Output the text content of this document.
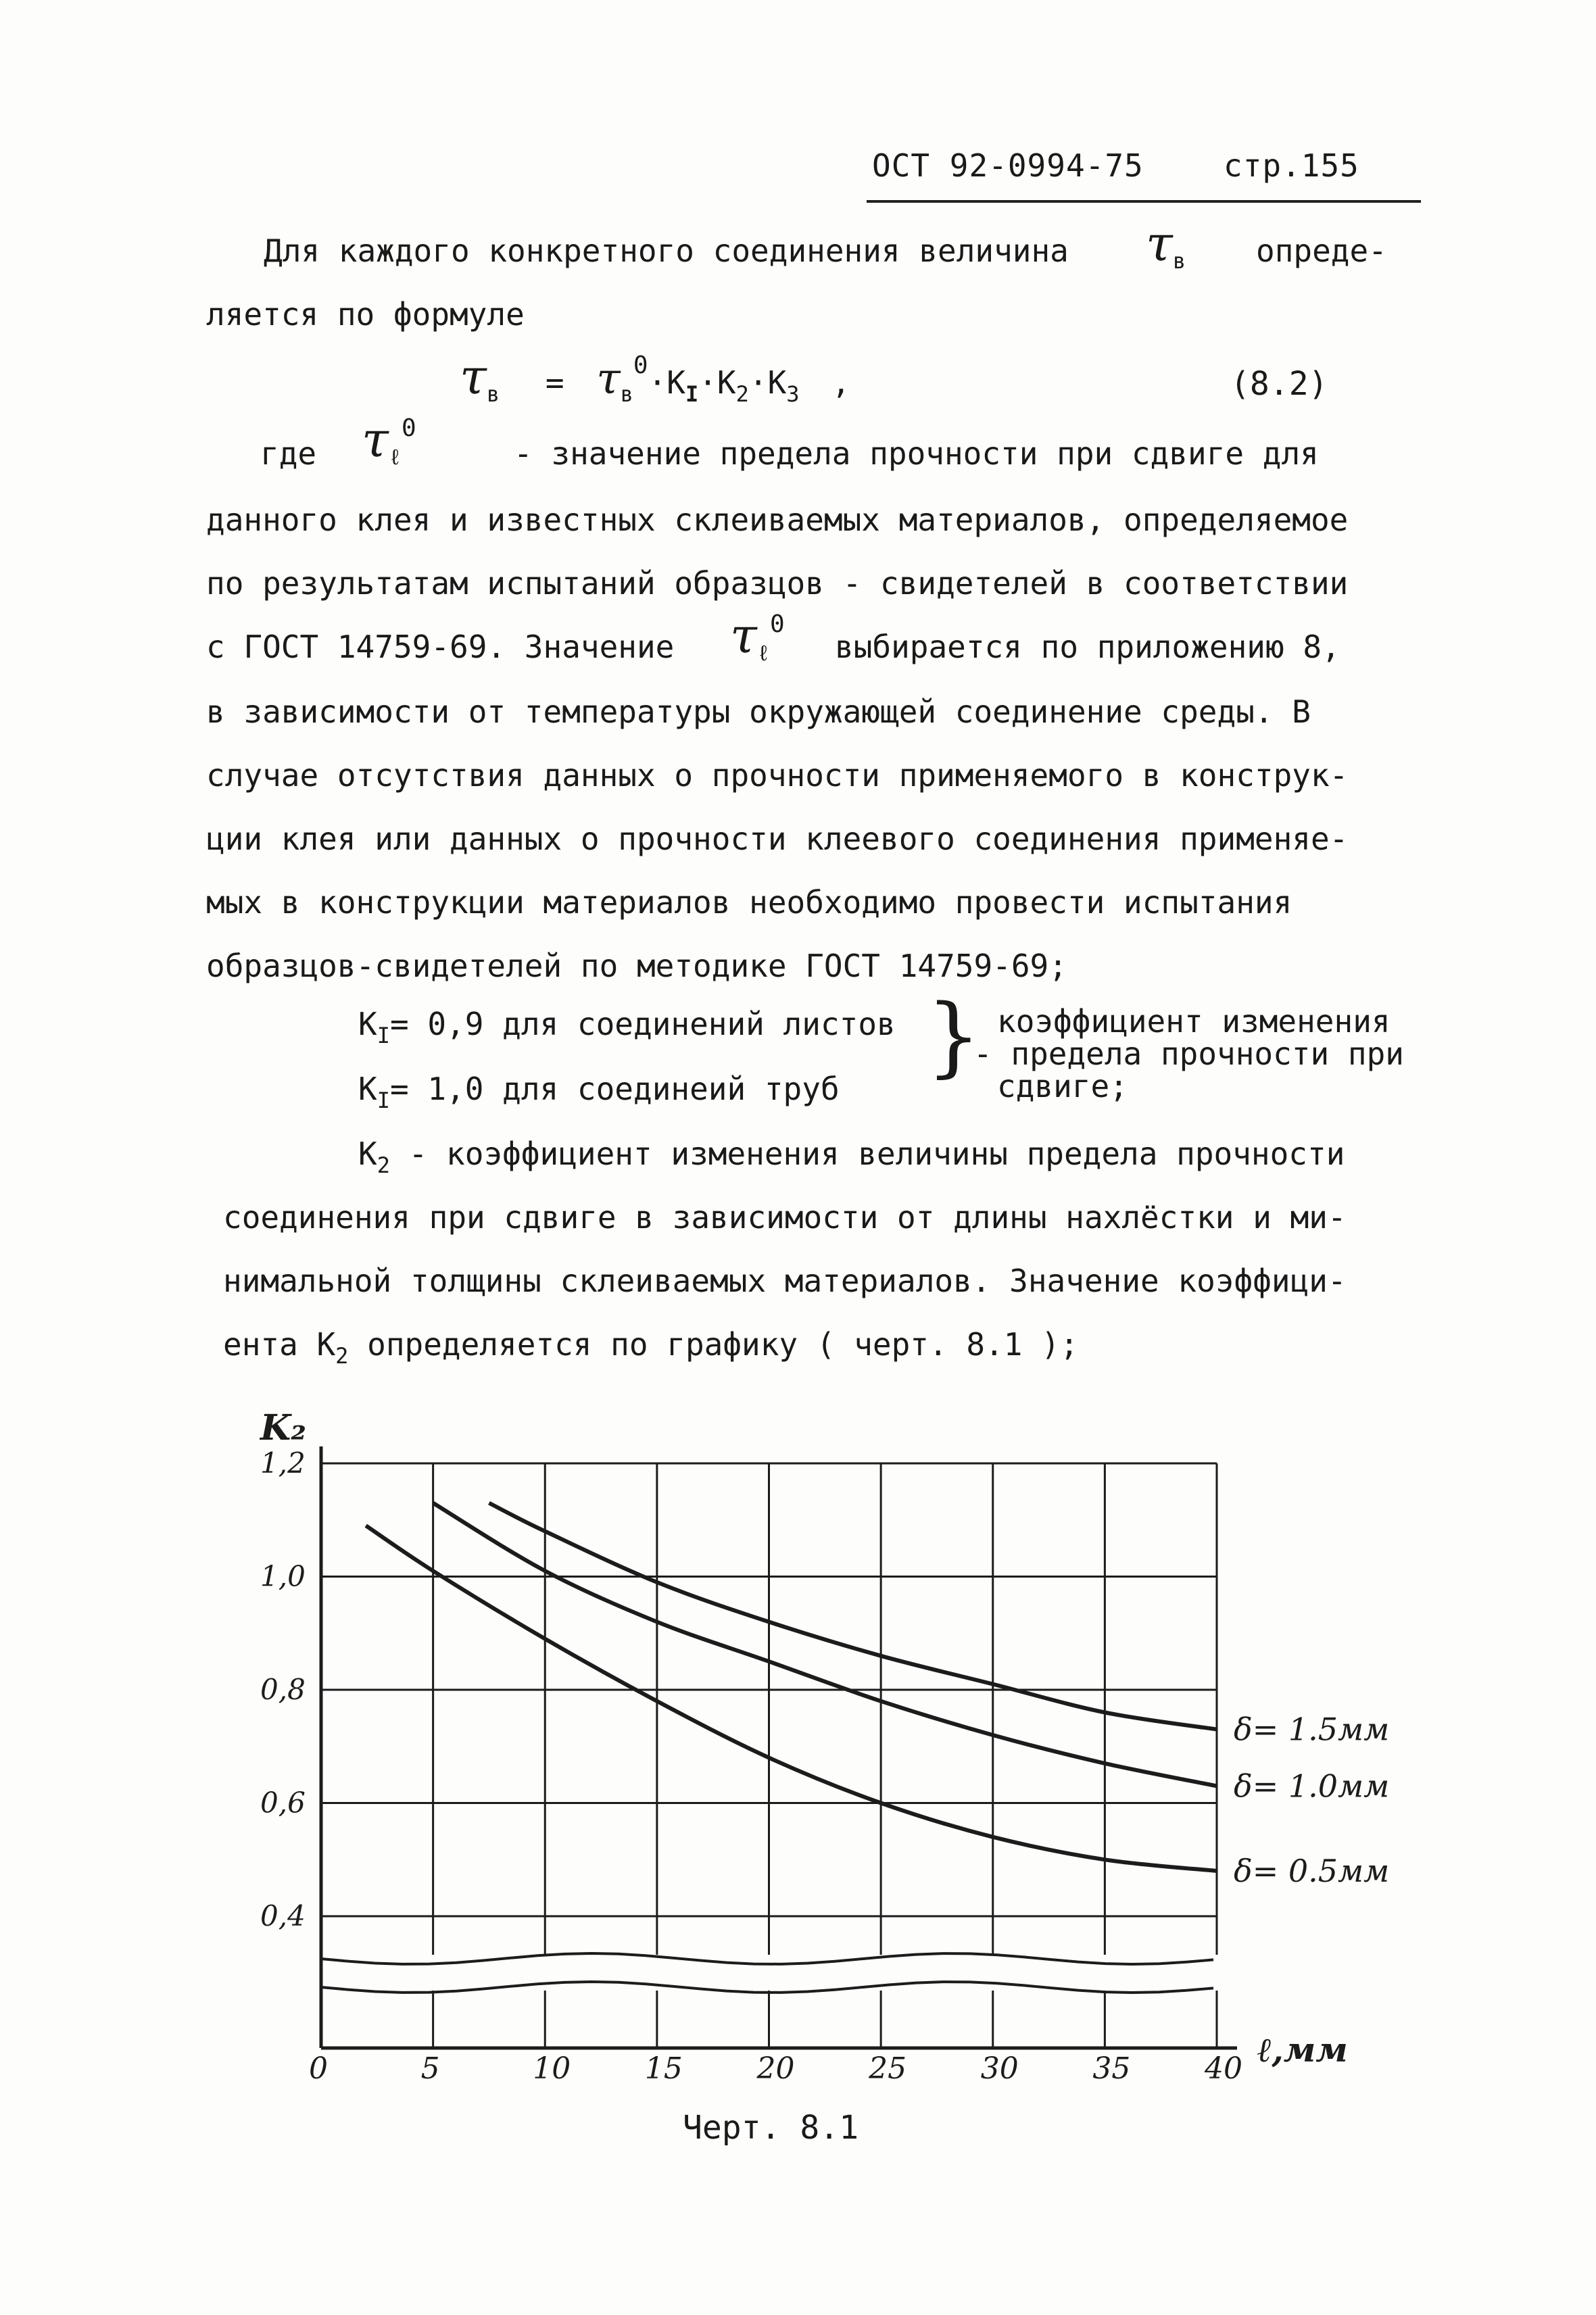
ОСТ 92-0994-75	стр.155
Для каждого конкретного соединения величина $\tau_в$ опреде-
ляется по формуле
$\tau_в = \tau_в^0\cdot K_I\cdot K_2\cdot K_3$ ,	(8.2)
где $\tau_\ell^0$
- значение предела прочности при сдвиге для
данного клея и известных склеиваемых материалов, определяемое
по результатам испытаний образцов - свидетелей в соответствии
с ГОСТ 14759-69. Значение $\tau_\ell^0$
выбирается по приложению 8,
в зависимости от температуры окружающей соединение среды. В
случае отсутствия данных о прочности применяемого в конструк-
ции клея или данных о прочности клеевого соединения применяе-
мых в конструкции материалов необходимо провести испытания
образцов-свидетелей по методике ГОСТ 14759-69;
$K_I= 0,9$ для соединений листов
$K_I= 1,0$ для соединеий труб
} коэффициент изменения
- предела прочности при
сдвиге;
$K_2$ - коэффициент изменения величины предела прочности
соединения при сдвиге в зависимости от длины нахлёстки и ми-
нимальной толщины склеиваемых материалов. Значение коэффици-
ента $K_2$ определяется по графику ( черт. 8.1 );
0	5	10 15 20 25 30 35 40
1,2
1,0
0,8
0,6
0,4
K₂
ℓ,мм
δ= 0.5мм
δ= 1.0мм
δ= 1.5мм
Черт. 8.1
